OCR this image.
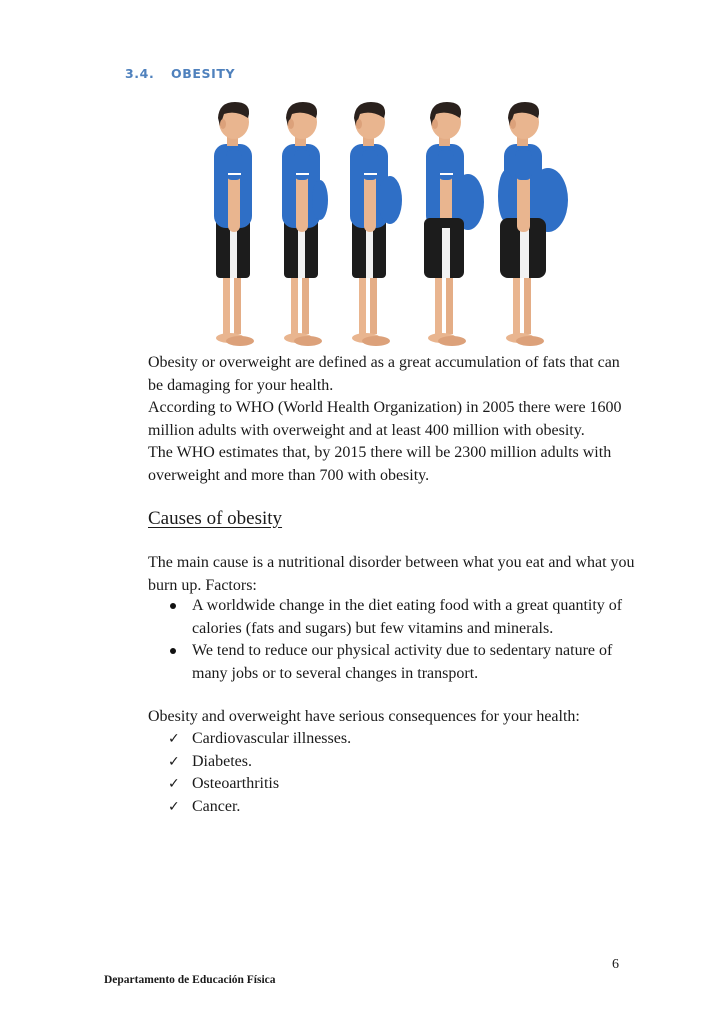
3.4. OBESITY

Obesity or overweight are defined as a great accumulation of fats that can be damaging for your health.

According to WHO (World Health Organization) in 2005 there were 1600 million adults with overweight and at least 400 million with obesity.

The WHO estimates that, by 2015 there will be 2300 million adults with overweight and more than 700 with obesity.

Causes of obesity

The main cause is a nutritional disorder between what you eat and what you burn up. Factors:

A worldwide change in the diet eating food with a great quantity of calories (fats and sugars) but few vitamins and minerals.
We tend to reduce our physical activity due to sedentary nature of many jobs or to several changes in transport.

Obesity and overweight have serious consequences for your health:

✓ Cardiovascular illnesses.
✓ Diabetes.
✓ Osteoarthritis
✓ Cancer.
6
Departamento de Educación Física
